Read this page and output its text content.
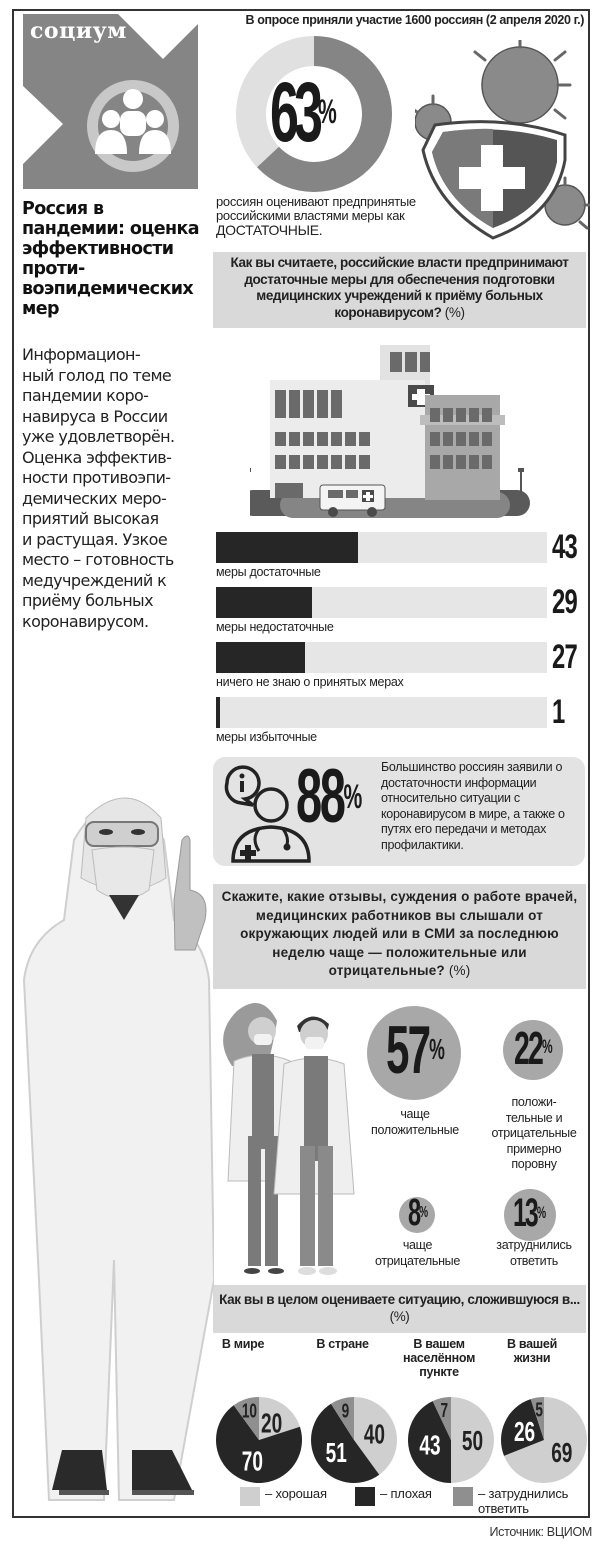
социум
Россия в пандемии: оценка эффективности противоэпидемических мер
Информацион-
ный голод по теме
пандемии коро-
навируса в России
уже удовлетворён.
Оценка эффектив-
ности противоэпи-
демических меро-
приятий высокая
и растущая. Узкое
место – готовность
медучреждений к
приёму больных
коронавирусом.
В опросе приняли участие 1600 россиян (2 апреля 2020 г.)
63%
россиян оценивают предпринятые
российскими властями меры как
ДОСТАТОЧНЫЕ.
Как вы считаете, российские власти предпринимают достаточные меры для обеспечения подготовки медицинских учреждений к приёму больных коронавирусом? (%)
43
меры достаточные
29
меры недостаточные
27
ничего не знаю о принятых мерах
1
меры избыточные
88%
Большинство россиян заявили о достаточности информации относительно ситуации с коронавирусом в мире, а также о путях его передачи и методах профилактики.
Скажите, какие отзывы, суждения о работе врачей, медицинских работников вы слышали от окружающих людей или в СМИ за последнюю неделю чаще — положительные или отрицательные? (%)
57%
чаще
положительные
22%
положи-
тельные и
отрицательные
примерно
поровну
8%
чаще
отрицательные
13%
затруднились
ответить
Как вы в целом оцениваете ситуацию, сложившуюся в... (%)
В мире	В стране	В вашем
населённом
пункте
В вашей
жизни
20
70
10
40
51
9
50
43
7
69
26
5
– хорошая	– плохая	– затруднились
ответить
Источник: ВЦИОМ
